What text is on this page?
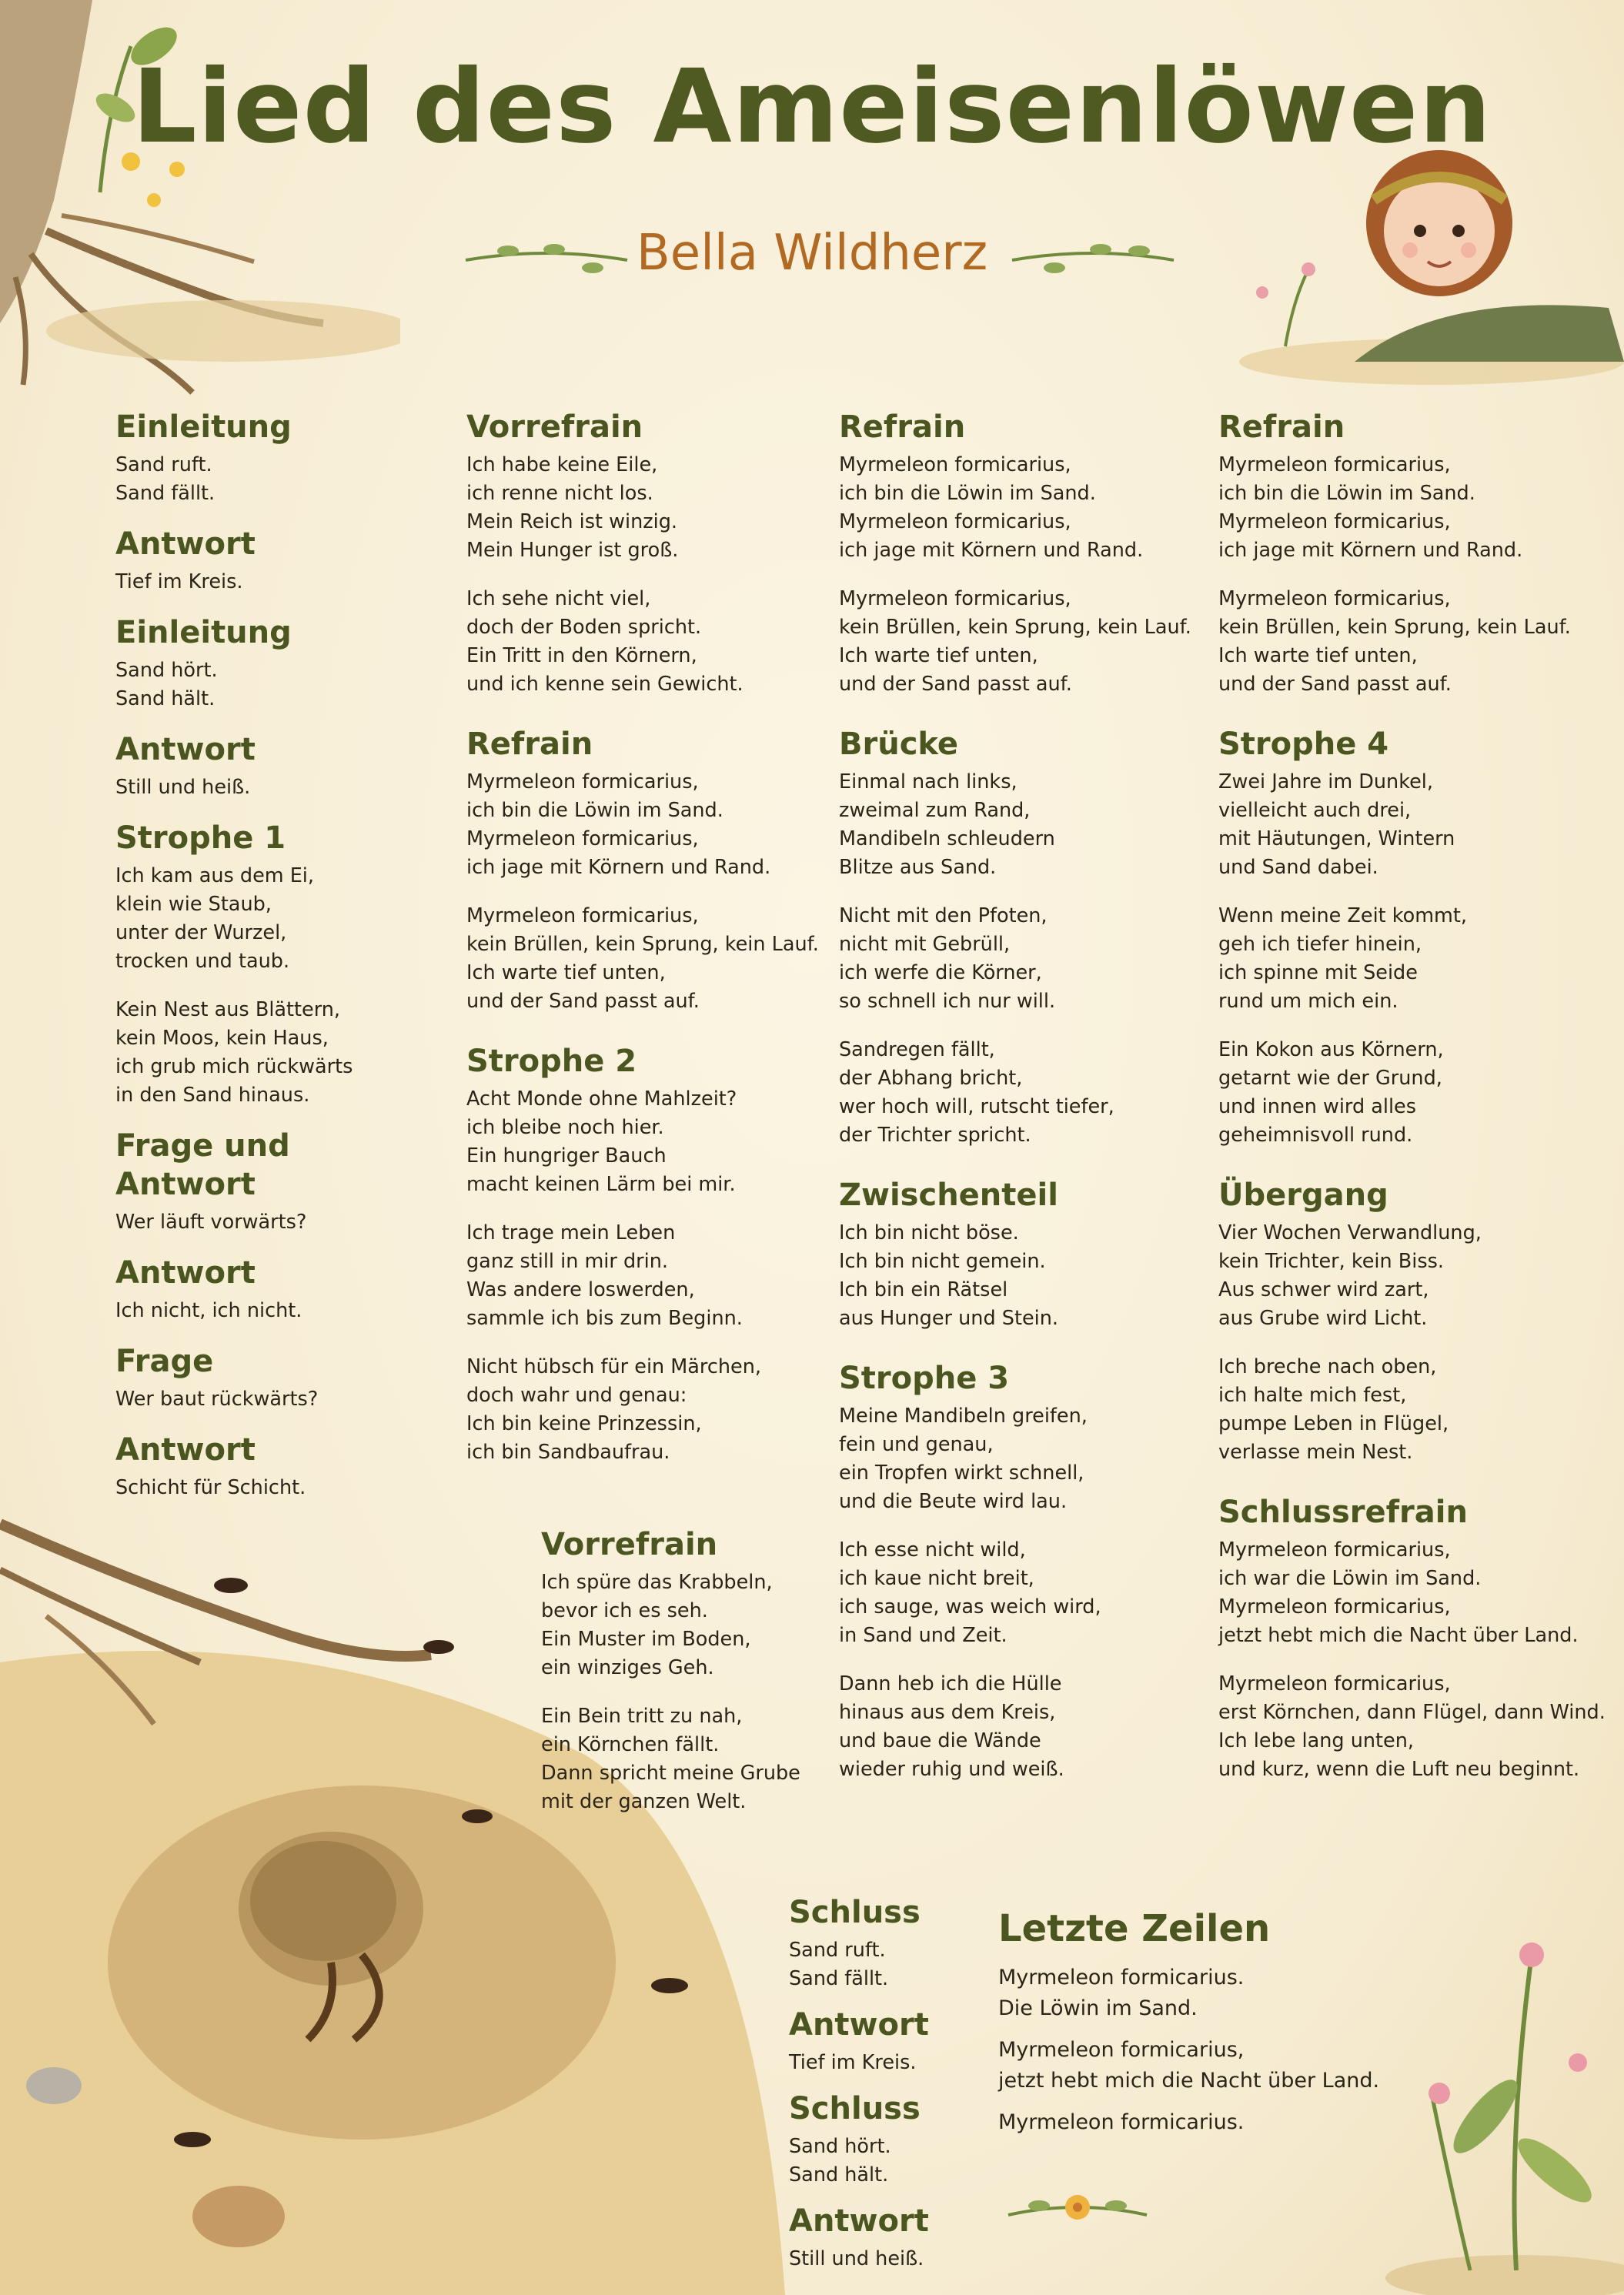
Lied des Ameisenlöwen

Bella Wildherz

Einleitung
Sand ruft.
Sand fällt.
Antwort
Tief im Kreis.
Einleitung
Sand hört.
Sand hält.
Antwort
Still und heiß.
Strophe 1
Ich kam aus dem Ei,
klein wie Staub,
unter der Wurzel,
trocken und taub.
Kein Nest aus Blättern,
kein Moos, kein Haus,
ich grub mich rückwärts
in den Sand hinaus.
Frage und Antwort
Wer läuft vorwärts?
Antwort
Ich nicht, ich nicht.
Frage
Wer baut rückwärts?
Antwort
Schicht für Schicht.
Vorrefrain
Ich habe keine Eile,
ich renne nicht los.
Mein Reich ist winzig.
Mein Hunger ist groß.
Ich sehe nicht viel,
doch der Boden spricht.
Ein Tritt in den Körnern,
und ich kenne sein Gewicht.
Refrain
Myrmeleon formicarius,
ich bin die Löwin im Sand.
Myrmeleon formicarius,
ich jage mit Körnern und Rand.
Myrmeleon formicarius,
kein Brüllen, kein Sprung, kein Lauf.
Ich warte tief unten,
und der Sand passt auf.
Strophe 2
Acht Monde ohne Mahlzeit?
ich bleibe noch hier.
Ein hungriger Bauch
macht keinen Lärm bei mir.
Ich trage mein Leben
ganz still in mir drin.
Was andere loswerden,
sammle ich bis zum Beginn.
Nicht hübsch für ein Märchen,
doch wahr und genau:
Ich bin keine Prinzessin,
ich bin Sandbaufrau.
Vorrefrain
Ich spüre das Krabbeln,
bevor ich es seh.
Ein Muster im Boden,
ein winziges Geh.
Ein Bein tritt zu nah,
ein Körnchen fällt.
Dann spricht meine Grube
mit der ganzen Welt.
Refrain
Myrmeleon formicarius,
ich bin die Löwin im Sand.
Myrmeleon formicarius,
ich jage mit Körnern und Rand.
Myrmeleon formicarius,
kein Brüllen, kein Sprung, kein Lauf.
Ich warte tief unten,
und der Sand passt auf.
Brücke
Einmal nach links,
zweimal zum Rand,
Mandibeln schleudern
Blitze aus Sand.
Nicht mit den Pfoten,
nicht mit Gebrüll,
ich werfe die Körner,
so schnell ich nur will.
Sandregen fällt,
der Abhang bricht,
wer hoch will, rutscht tiefer,
der Trichter spricht.
Zwischenteil
Ich bin nicht böse.
Ich bin nicht gemein.
Ich bin ein Rätsel
aus Hunger und Stein.
Strophe 3
Meine Mandibeln greifen,
fein und genau,
ein Tropfen wirkt schnell,
und die Beute wird lau.
Ich esse nicht wild,
ich kaue nicht breit,
ich sauge, was weich wird,
in Sand und Zeit.
Dann heb ich die Hülle
hinaus aus dem Kreis,
und baue die Wände
wieder ruhig und weiß.
Refrain
Myrmeleon formicarius,
ich bin die Löwin im Sand.
Myrmeleon formicarius,
ich jage mit Körnern und Rand.
Myrmeleon formicarius,
kein Brüllen, kein Sprung, kein Lauf.
Ich warte tief unten,
und der Sand passt auf.
Strophe 4
Zwei Jahre im Dunkel,
vielleicht auch drei,
mit Häutungen, Wintern
und Sand dabei.
Wenn meine Zeit kommt,
geh ich tiefer hinein,
ich spinne mit Seide
rund um mich ein.
Ein Kokon aus Körnern,
getarnt wie der Grund,
und innen wird alles
geheimnisvoll rund.
Übergang
Vier Wochen Verwandlung,
kein Trichter, kein Biss.
Aus schwer wird zart,
aus Grube wird Licht.
Ich breche nach oben,
ich halte mich fest,
pumpe Leben in Flügel,
verlasse mein Nest.
Schlussrefrain
Myrmeleon formicarius,
ich war die Löwin im Sand.
Myrmeleon formicarius,
jetzt hebt mich die Nacht über Land.
Myrmeleon formicarius,
erst Körnchen, dann Flügel, dann Wind.
Ich lebe lang unten,
und kurz, wenn die Luft neu beginnt.
Schluss
Sand ruft.
Sand fällt.
Antwort
Tief im Kreis.
Schluss
Sand hört.
Sand hält.
Antwort
Still und heiß.
Letzte Zeilen

Myrmeleon formicarius.
Die Löwin im Sand.

Myrmeleon formicarius,
jetzt hebt mich die Nacht über Land.

Myrmeleon formicarius.
